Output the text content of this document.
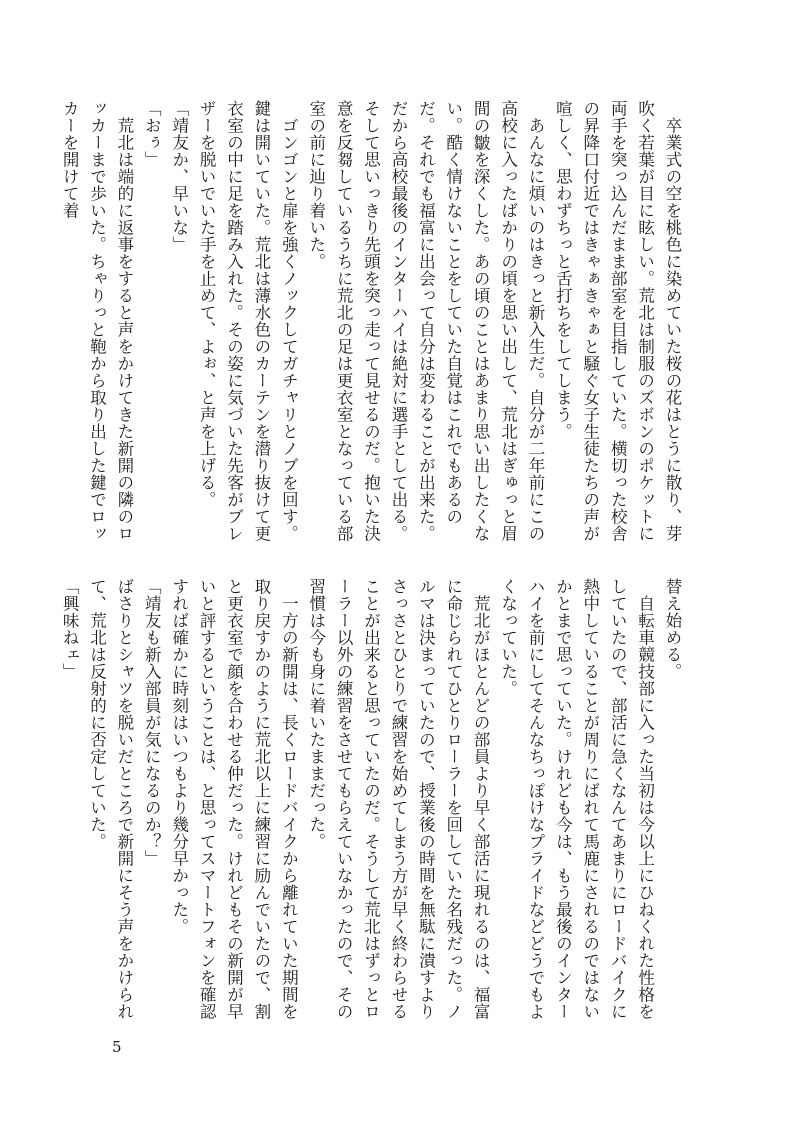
卒業式の空を桃色に染めていた桜の花はとうに散り、芽吹く若葉が目に眩しい。荒北は制服のズボンのポケットに両手を突っ込んだまま部室を目指していた。横切った校舎の昇降口付近ではきゃぁきゃぁと騒ぐ女子生徒たちの声が喧しく、思わずちっと舌打ちをしてしまう。

あんなに煩いのはきっと新入生だ。自分が二年前にこの高校に入ったばかりの頃を思い出して、荒北はぎゅっと眉間の皺を深くした。あの頃のことはあまり思い出したくない。酷く情けないことをしていた自覚はこれでもあるのだ。それでも福富に出会って自分は変わることが出来た。だから高校最後のインターハイは絶対に選手として出る。そして思いっきり先頭を突っ走って見せるのだ。抱いた決意を反芻しているうちに荒北の足は更衣室となっている部室の前に辿り着いた。

ゴンゴンと扉を強くノックしてガチャリとノブを回す。鍵は開いていた。荒北は薄水色のカーテンを潜り抜けて更衣室の中に足を踏み入れた。その姿に気づいた先客がブレザーを脱いでいた手を止めて、よぉ、と声を上げる。

「靖友か、早いな」

「おぅ」

荒北は端的に返事をすると声をかけてきた新開の隣のロッカーまで歩いた。ちゃりっと鞄から取り出した鍵でロッカーを開けて着

替え始める。

自転車競技部に入った当初は今以上にひねくれた性格をしていたので、部活に急くなんてあまりにロードバイクに熱中していることが周りにばれて馬鹿にされるのではないかとまで思っていた。けれども今は、もう最後のインターハイを前にしてそんなちっぽけなプライドなどどうでもよくなっていた。

荒北がほとんどの部員より早く部活に現れるのは、福富に命じられてひとりローラーを回していた名残だった。ノルマは決まっていたので、授業後の時間を無駄に潰すよりさっさとひとりで練習を始めてしまう方が早く終わらせることが出来ると思っていたのだ。そうして荒北はずっとローラー以外の練習をさせてもらえていなかったので、その習慣は今も身に着いたままだった。

一方の新開は、長くロードバイクから離れていた期間を取り戻すかのように荒北以上に練習に励んでいたので、割と更衣室で顔を合わせる仲だった。けれどもその新開が早いと評するということは、と思ってスマートフォンを確認すれば確かに時刻はいつもより幾分早かった。

「靖友も新入部員が気になるのか？」

ばさりとシャツを脱いだところで新開にそう声をかけられて、荒北は反射的に否定していた。

「興味ねェ」

5
